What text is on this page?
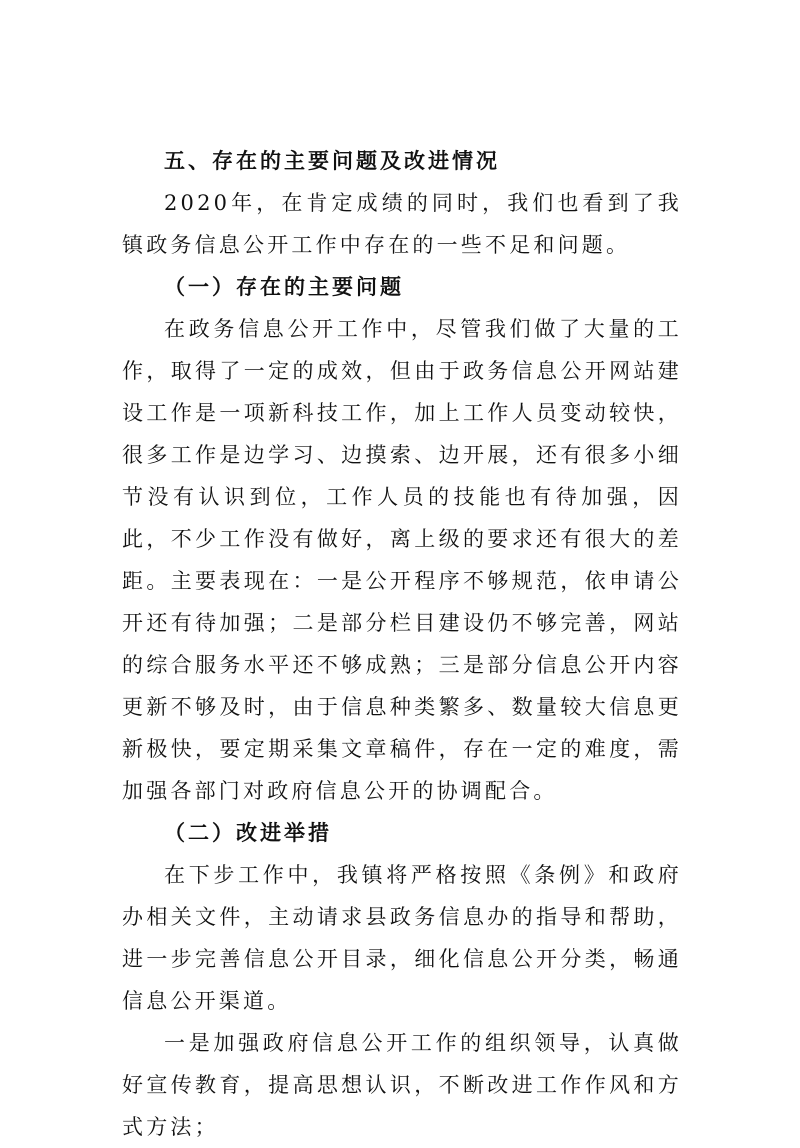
五、存在的主要问题及改进情况

2020年，在肯定成绩的同时，我们也看到了我镇政务信息公开工作中存在的一些不足和问题。

（一）存在的主要问题

在政务信息公开工作中，尽管我们做了大量的工作，取得了一定的成效，但由于政务信息公开网站建设工作是一项新科技工作，加上工作人员变动较快，很多工作是边学习、边摸索、边开展，还有很多小细节没有认识到位，工作人员的技能也有待加强，因此，不少工作没有做好，离上级的要求还有很大的差距。主要表现在：一是公开程序不够规范，依申请公开还有待加强；二是部分栏目建设仍不够完善，网站的综合服务水平还不够成熟；三是部分信息公开内容更新不够及时，由于信息种类繁多、数量较大信息更新极快，要定期采集文章稿件，存在一定的难度，需加强各部门对政府信息公开的协调配合。

（二）改进举措

在下步工作中，我镇将严格按照《条例》和政府办相关文件，主动请求县政务信息办的指导和帮助，进一步完善信息公开目录，细化信息公开分类，畅通信息公开渠道。

一是加强政府信息公开工作的组织领导，认真做好宣传教育，提高思想认识，不断改进工作作风和方式方法；
